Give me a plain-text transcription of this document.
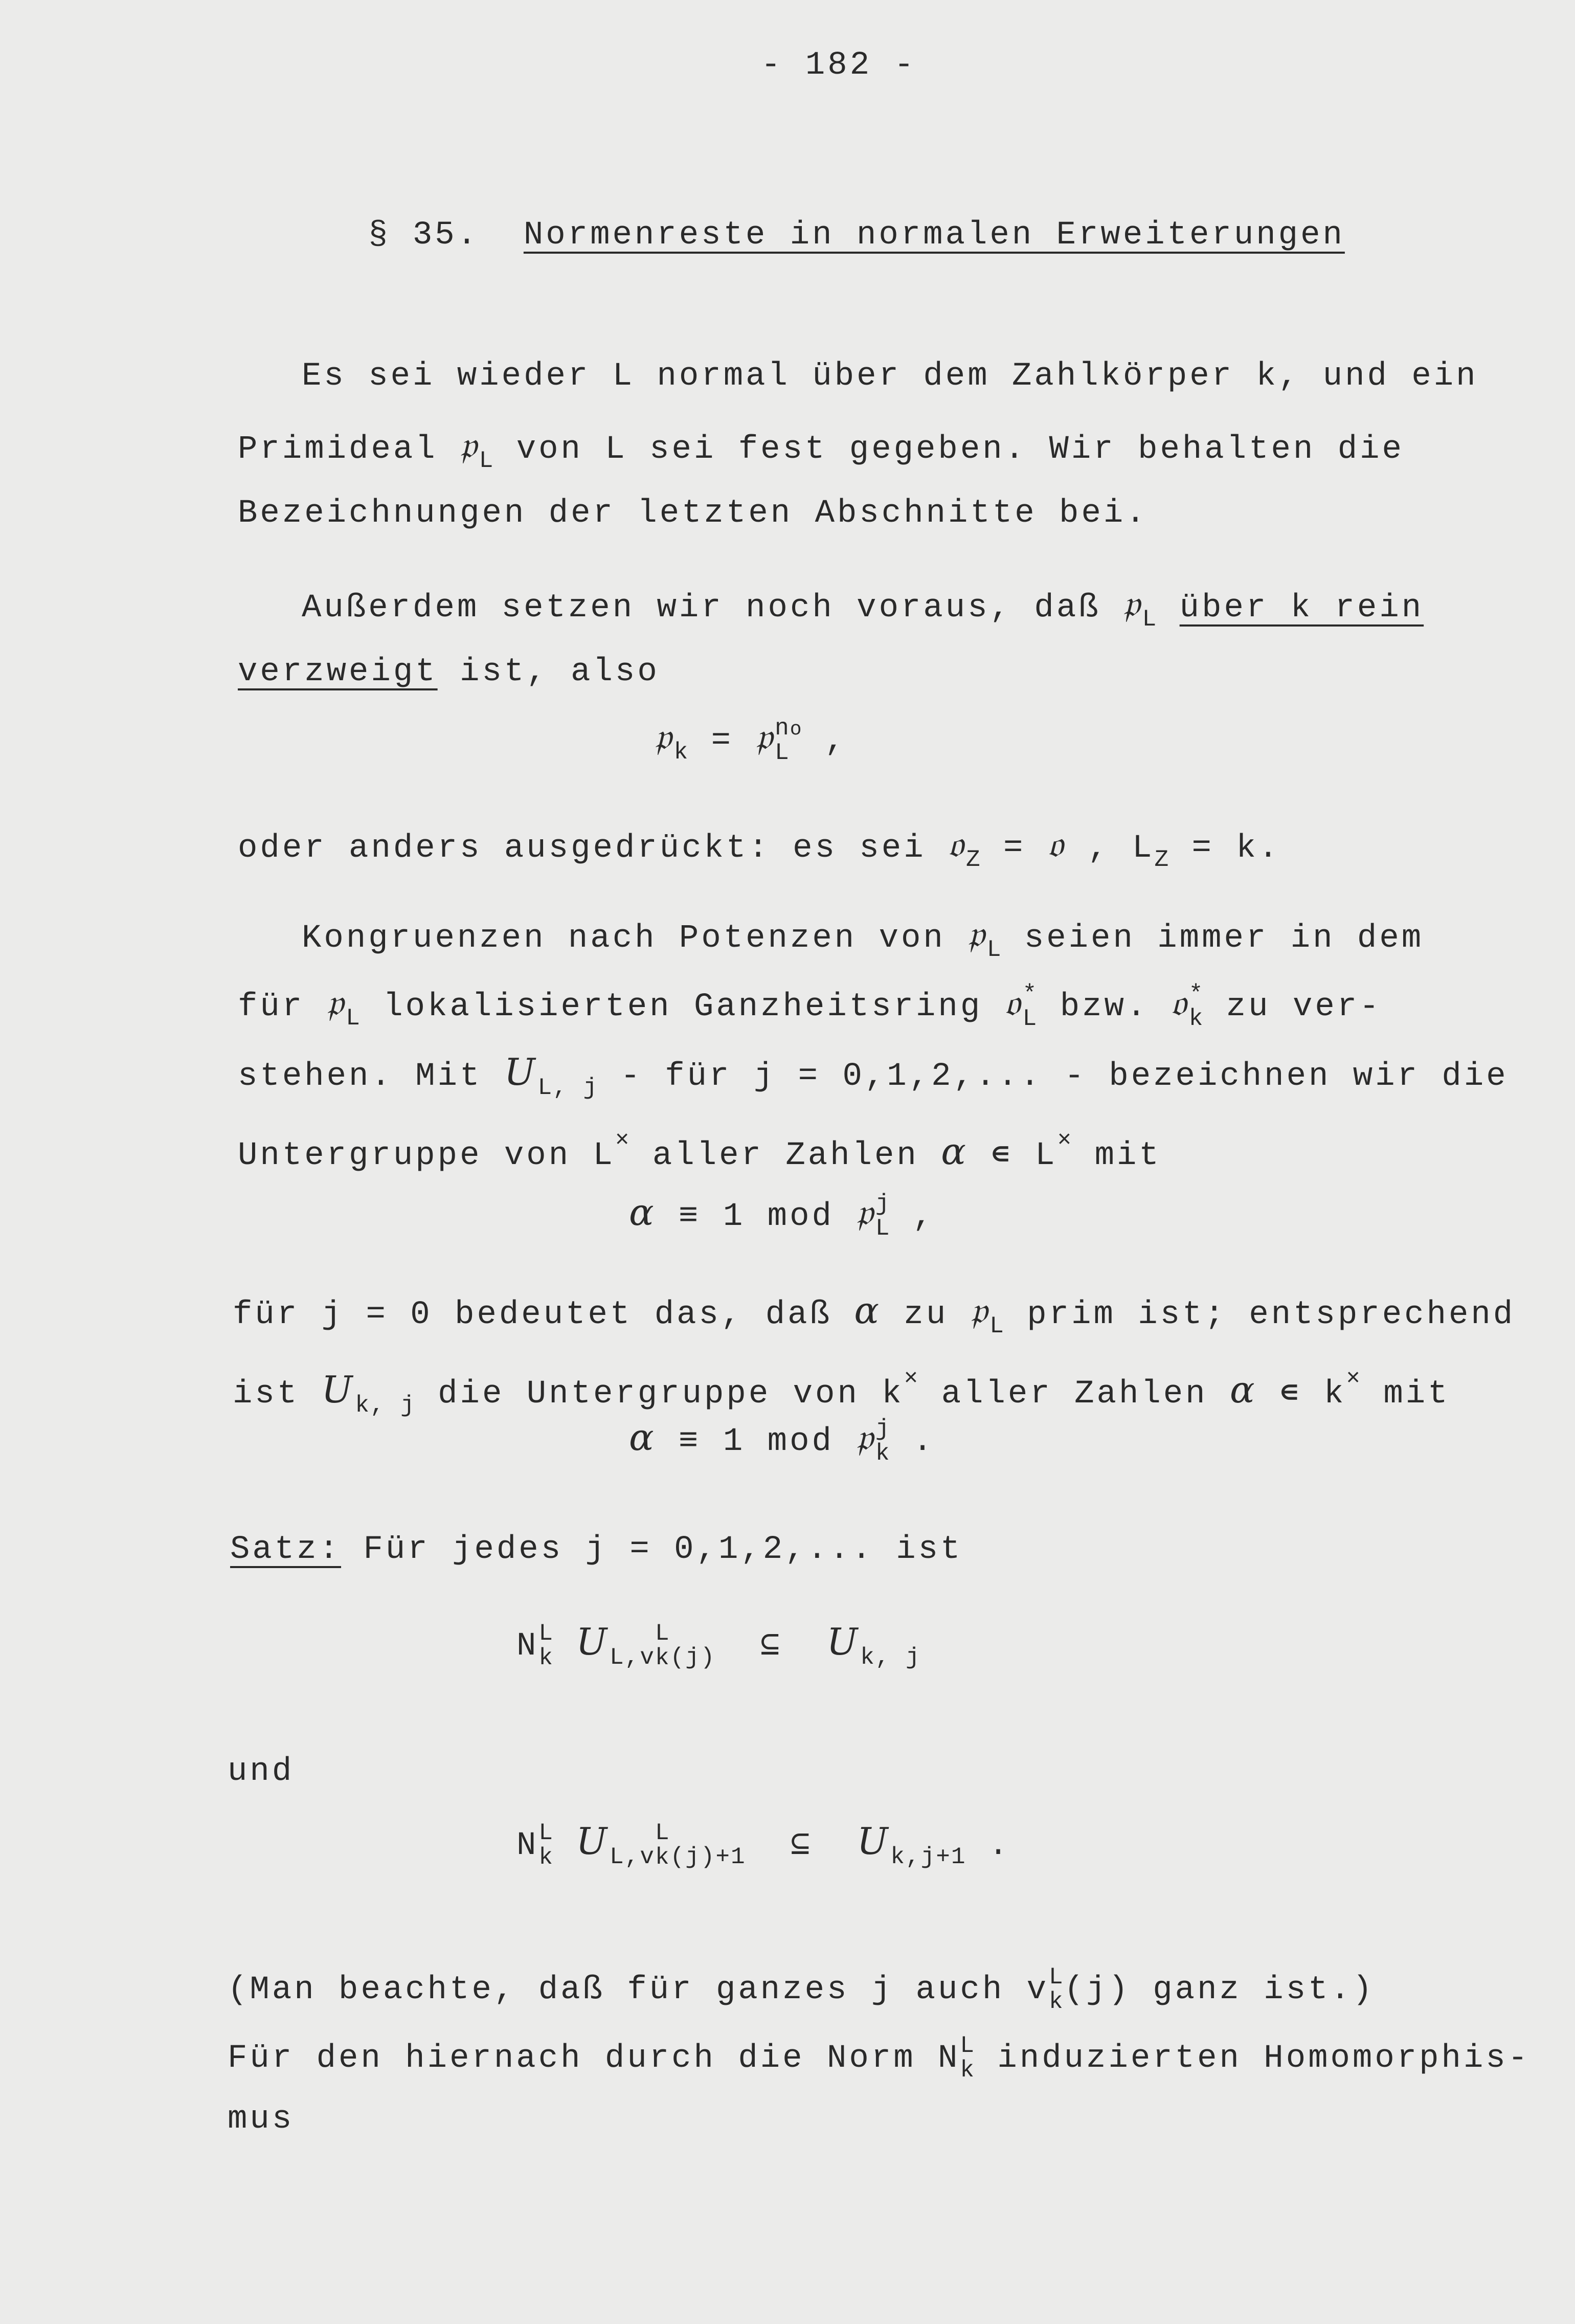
- 182 -
§ 35. Normenreste in normalen Erweiterungen
Es sei wieder L normal über dem Zahlkörper k, und ein
Primideal 𝔭$_L$ von L sei fest gegeben. Wir behalten die
Bezeichnungen der letzten Abschnitte bei.
Außerdem setzen wir noch voraus, daß 𝔭$_L$ über k rein
verzweigt ist, also
𝔭$_k$ = 𝔭 no
L ,
oder anders ausgedrückt: es sei 𝔬$_Z$ = 𝔬 , $L_Z = k$.
Kongruenzen nach Potenzen von 𝔭$_L$ seien immer in dem
für 𝔭$_L$ lokalisierten Ganzheitsring 𝔬 *
L bzw. 𝔬 *
k zu ver-
stehen. Mit $U_{L, j}$ - für j = 0,1,2,... - bezeichnen wir die
Untergruppe von L× aller Zahlen α ∊ L× mit
α ≡ 1 mod 𝔭 j
L ,
für j = 0 bedeutet das, daß α zu 𝔭$_L$ prim ist; entsprechend
ist $U_{k, j}$ die Untergruppe von k× aller Zahlen α ∊ k× mit
α ≡ 1 mod 𝔭 j
k .
Satz: Für jedes j = 0,1,2,... ist
N L
k $U_{L,v}$
L
k $_{(j)}$ ⊆ $U_{k, j}$
und
N L
k $U_{L,v}$
L
k $_{(j)+1}$ ⊆ $U_{k,j+1}$ .
(Man beachte, daß für ganzes j auch v L
k (j) ganz ist.)
Für den hiernach durch die Norm N L
k induzierten Homomorphis-
mus
